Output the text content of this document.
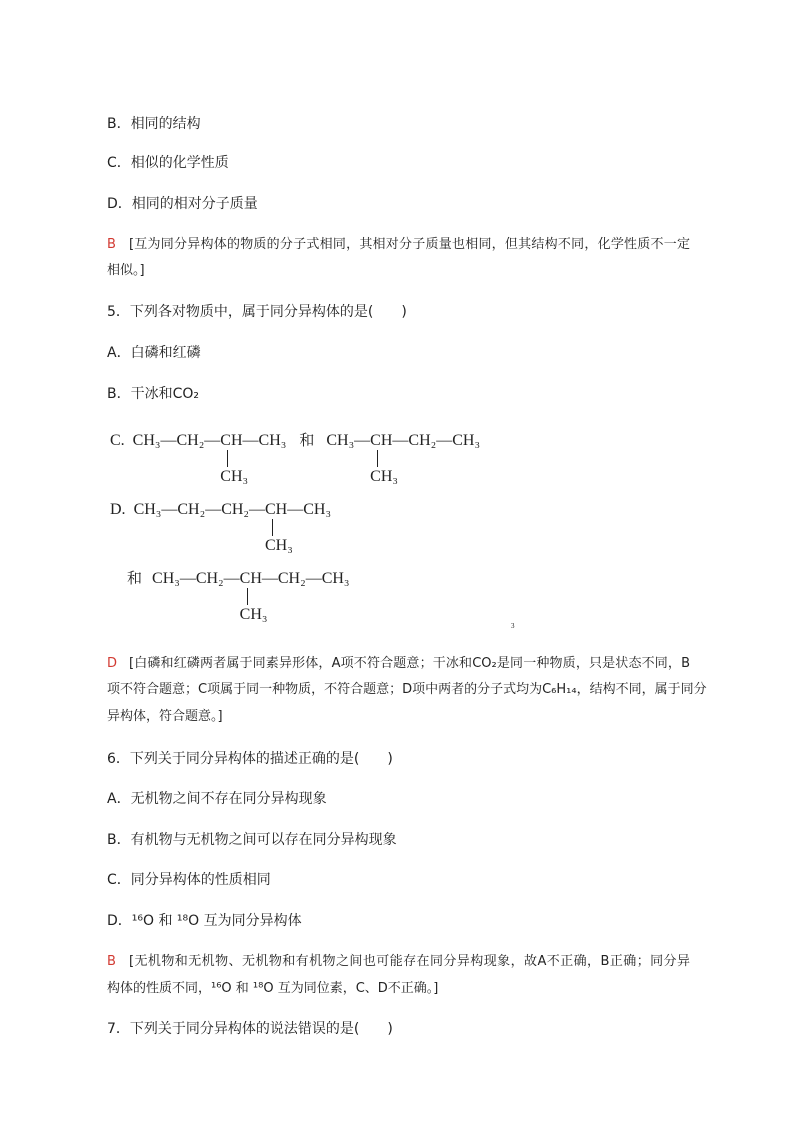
B．相同的结构
C．相似的化学性质
D．相同的相对分子质量
B [互为同分异构体的物质的分子式相同，其相对分子质量也相同，但其结构不同，化学性质不一定
相似。]
5．下列各对物质中，属于同分异构体的是(　　)
A．白磷和红磷
B．干冰和CO₂
C. CH₃ — CH₂ — CH
CH₃
— CH₃ 和 CH₃ — CH
CH₃
— CH₂ — CH₃
D. CH₃ — CH₂ — CH₂ — CH
CH₃
— CH₃
和 CH₃ — CH₂ — CH
CH₃
— CH₂ — CH₃
3
D [白磷和红磷两者属于同素异形体，A项不符合题意；干冰和CO₂是同一种物质，只是状态不同，B
项不符合题意；C项属于同一种物质，不符合题意；D项中两者的分子式均为C₆H₁₄，结构不同，属于同分
异构体，符合题意。]
6．下列关于同分异构体的描述正确的是(　　)
A．无机物之间不存在同分异构现象
B．有机物与无机物之间可以存在同分异构现象
C．同分异构体的性质相同
D．¹⁶O 和 ¹⁸O 互为同分异构体
B [无机物和无机物、无机物和有机物之间也可能存在同分异构现象，故A不正确，B正确；同分异
构体的性质不同，¹⁶O 和 ¹⁸O 互为同位素，C、D不正确。]
7．下列关于同分异构体的说法错误的是(　　)
